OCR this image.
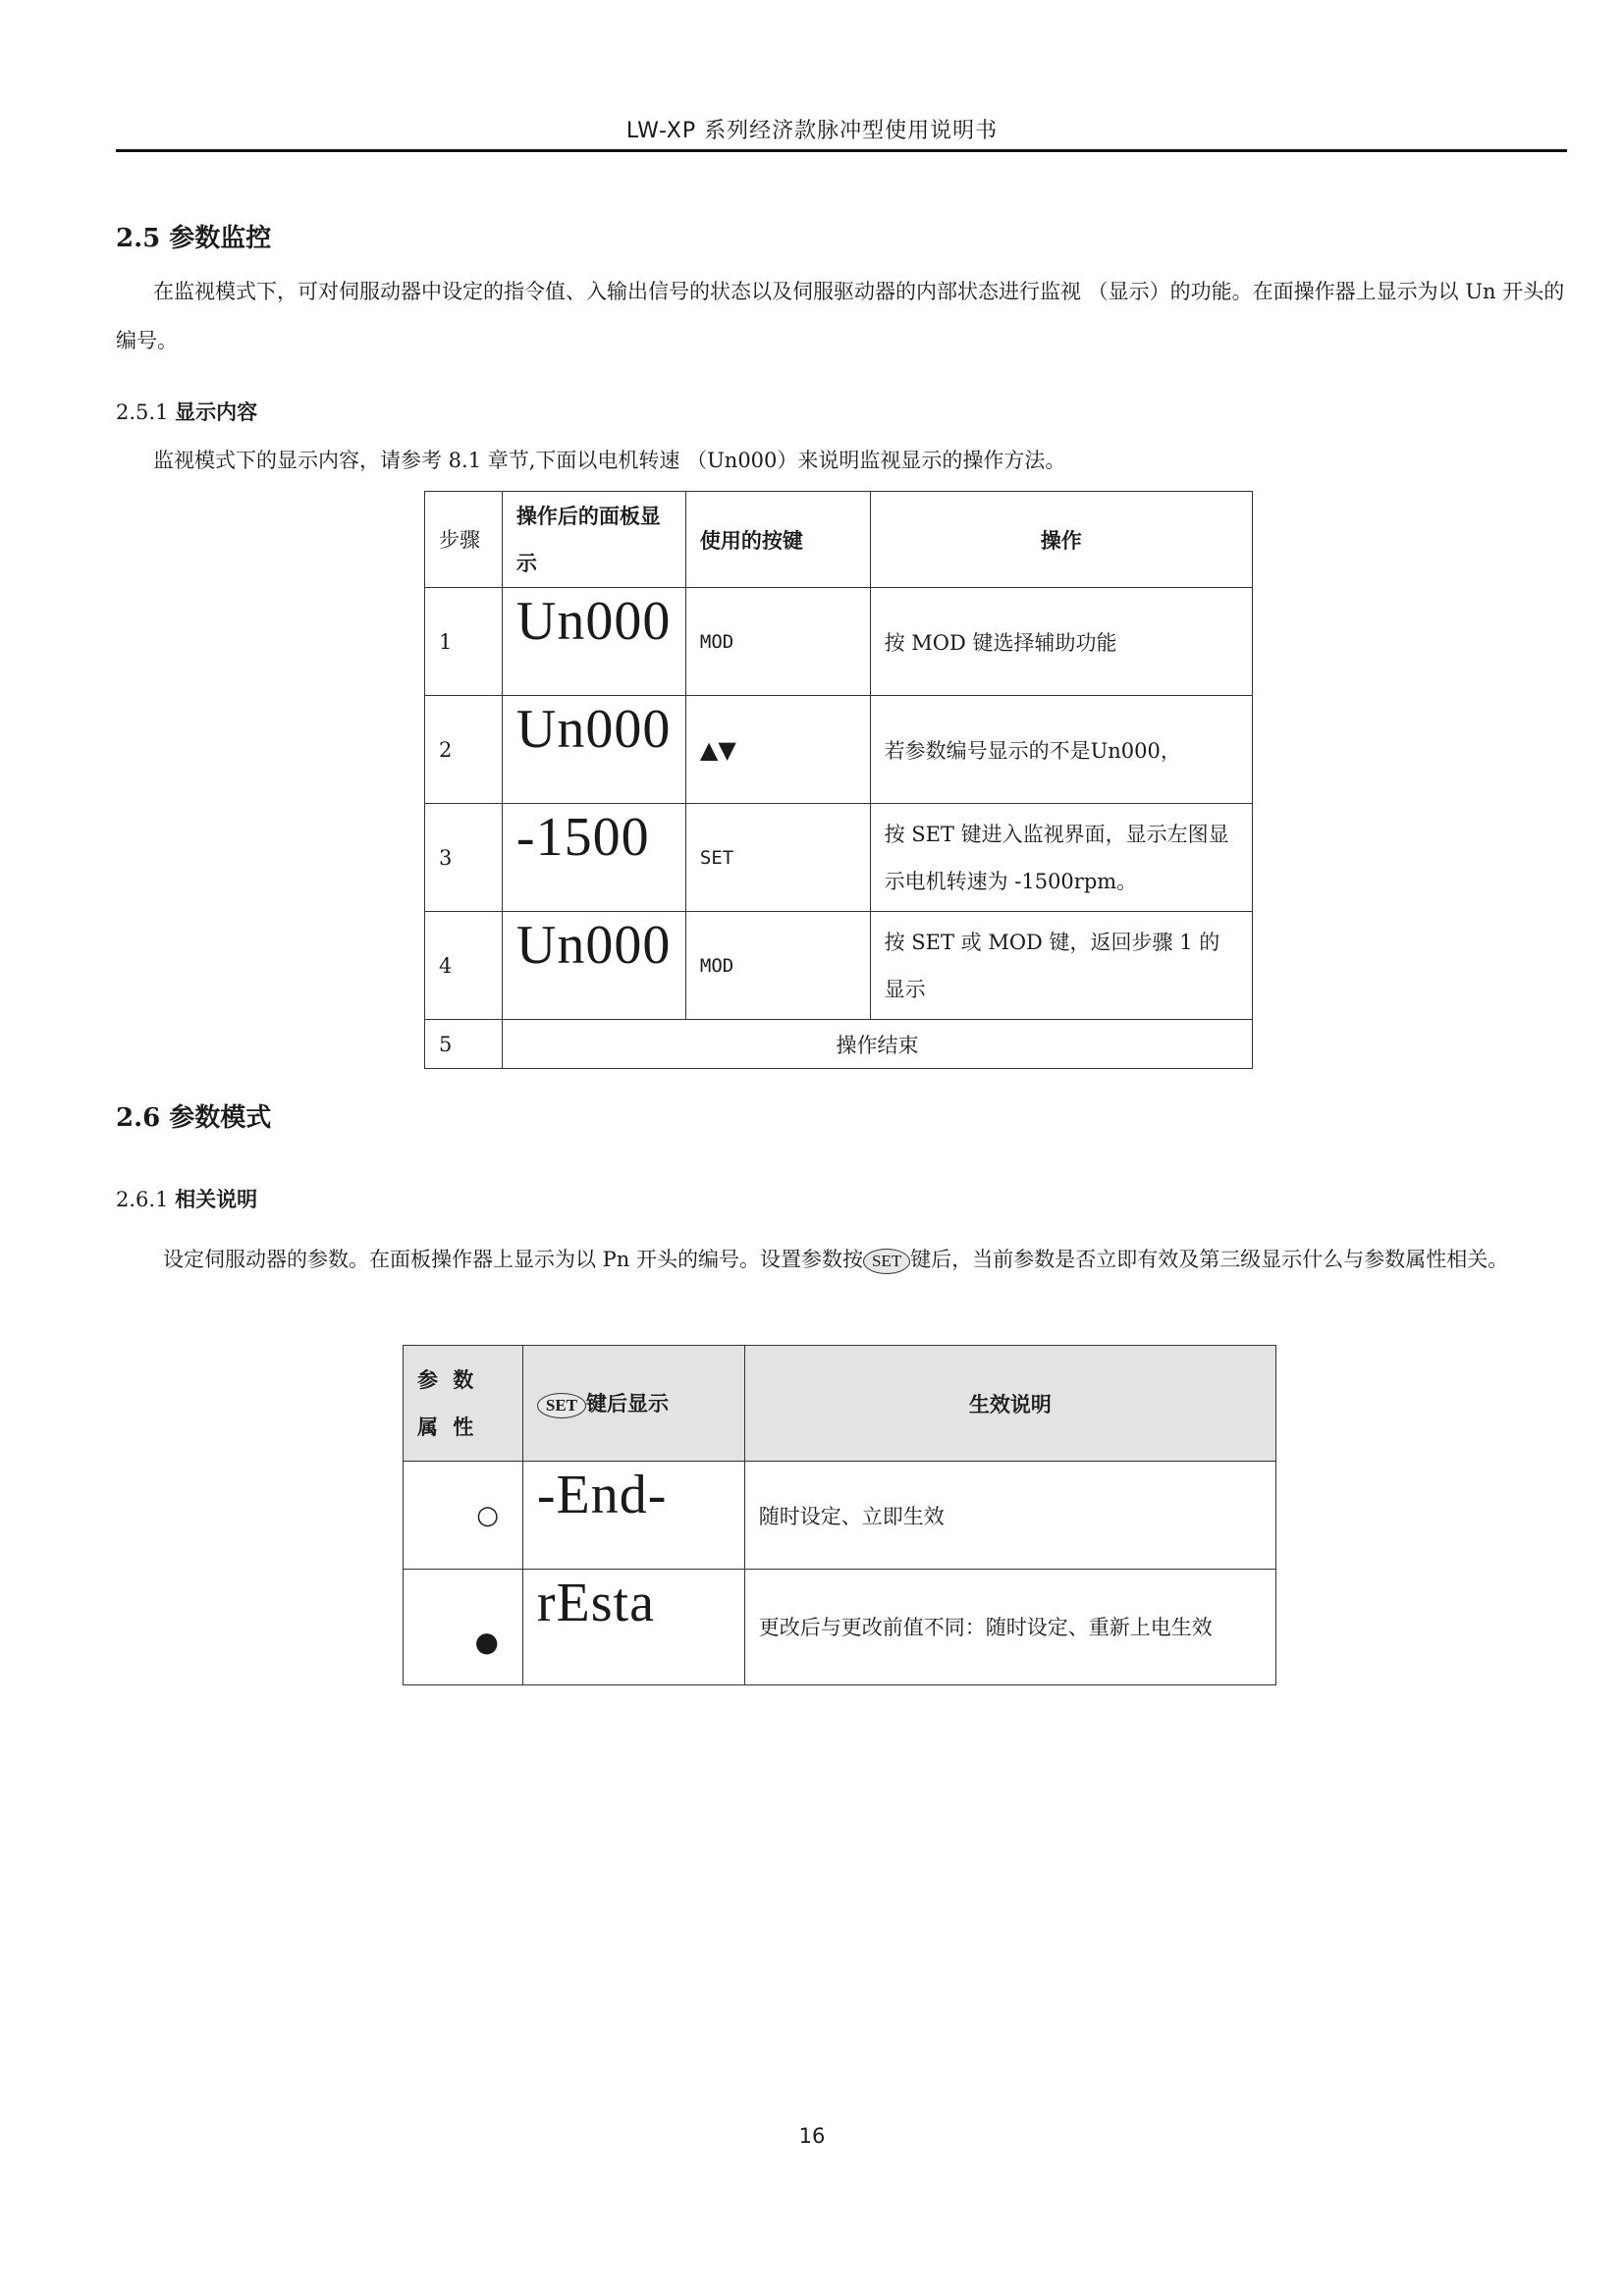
LW-XP 系列经济款脉冲型使用说明书
2.5 参数监控
在监视模式下，可对伺服动器中设定的指令值、入输出信号的状态以及伺服驱动器的内部状态进行监视 （显示）的功能。在面操作器上显示为以 Un 开头的编号。
2.5.1 显示内容
监视模式下的显示内容，请参考 8.1 章节,下面以电机转速 （Un000）来说明监视显示的操作方法。
步骤	操作后的面板显示	使用的按键	操作
1	Un000	MOD	按 MOD 键选择辅助功能
2	Un000	▲▼	若参数编号显示的不是Un000，
3	-1500	SET	按 SET 键进入监视界面，显示左图显示电机转速为 -1500rpm。
4	Un000	MOD	按 SET 或 MOD 键，返回步骤 1 的显示
5	操作结束		
2.6 参数模式
2.6.1 相关说明
设定伺服动器的参数。在面板操作器上显示为以 Pn 开头的编号。设置参数按 SET 键后，当前参数是否立即有效及第三级显示什么与参数属性相关。
参 数 属 性	SET 键后显示	生效说明
○	-End-	随时设定、立即生效
●	rEsta	更改后与更改前值不同：随时设定、重新上电生效
16
